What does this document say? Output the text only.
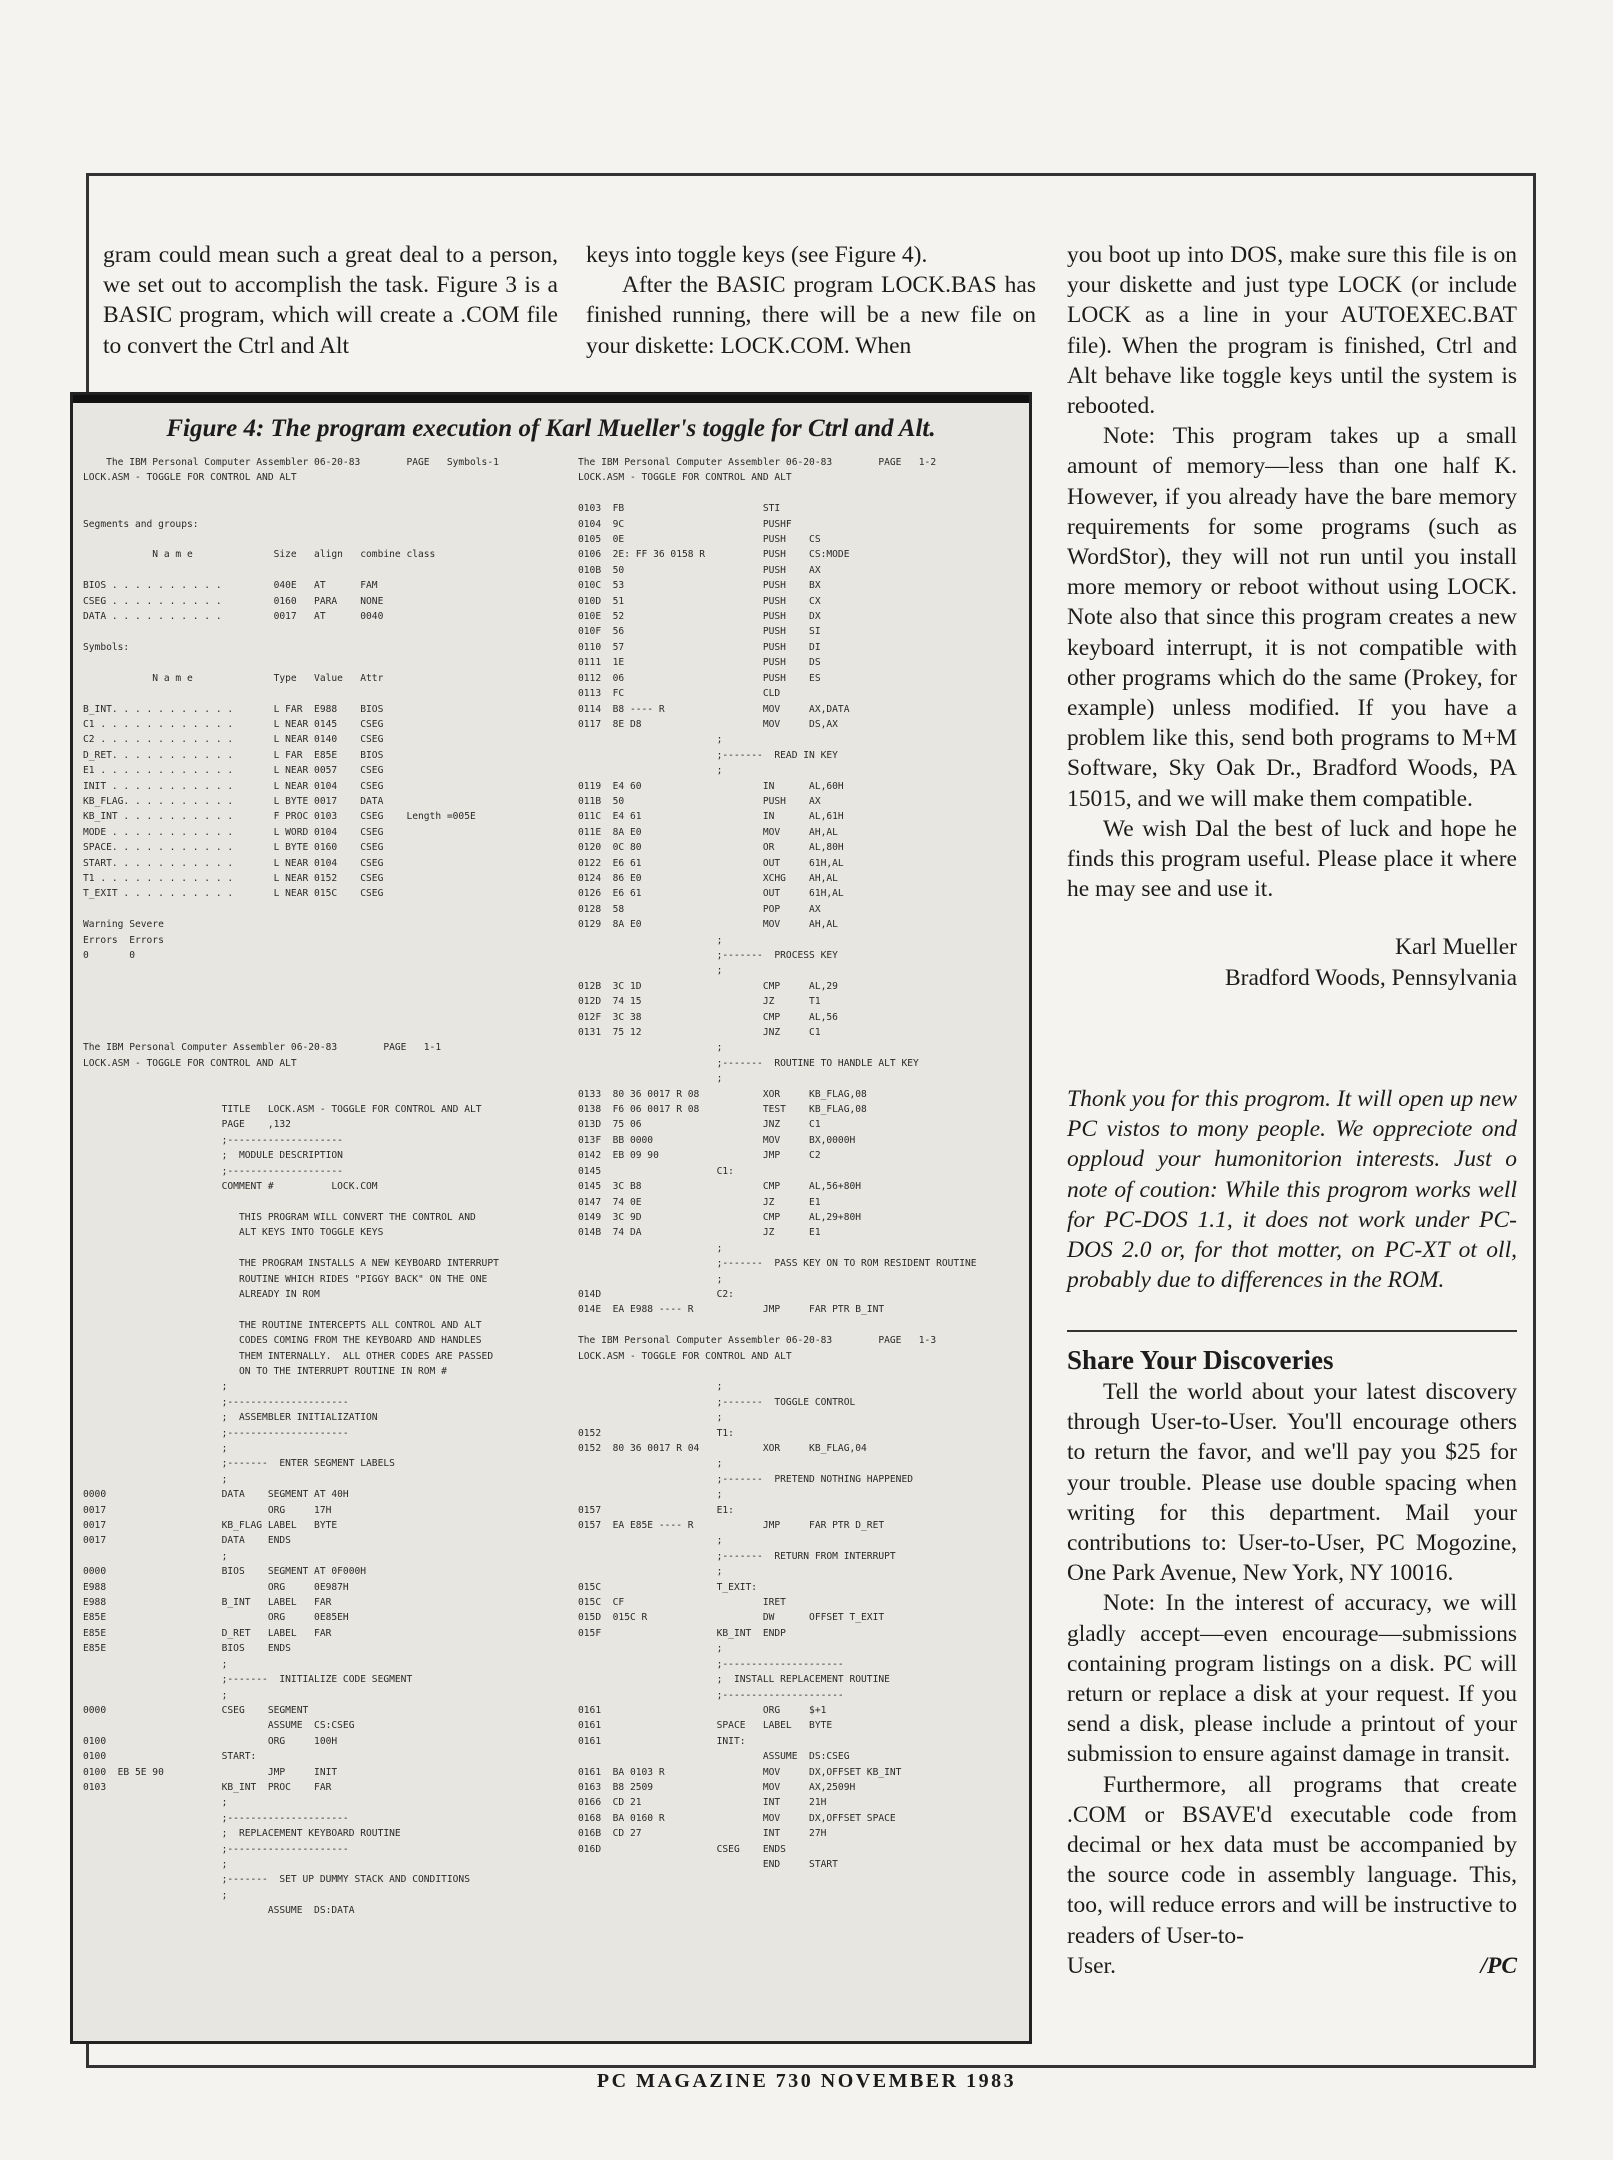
gram could mean such a great deal to a person, we set out to accomplish the task. Figure 3 is a BASIC program, which will create a .COM file to convert the Ctrl and Alt

keys into toggle keys (see Figure 4).

After the BASIC program LOCK.BAS has finished running, there will be a new file on your diskette: LOCK.COM. When

you boot up into DOS, make sure this file is on your diskette and just type LOCK (or include LOCK as a line in your AUTOEXEC.BAT file). When the program is finished, Ctrl and Alt behave like toggle keys until the system is rebooted.

Note: This program takes up a small amount of memory—less than one half K. However, if you already have the bare memory requirements for some programs (such as WordStor), they will not run until you install more memory or reboot without using LOCK. Note also that since this program creates a new keyboard interrupt, it is not compatible with other programs which do the same (Prokey, for example) unless modified. If you have a problem like this, send both programs to M+M Software, Sky Oak Dr., Bradford Woods, PA 15015, and we will make them compatible.

We wish Dal the best of luck and hope he finds this program useful. Please place it where he may see and use it.

Karl Mueller

Bradford Woods, Pennsylvania

Thonk you for this progrom. It will open up new PC vistos to mony people. We oppreciote ond opploud your humonitorion interests. Just o note of coution: While this progrom works well for PC-DOS 1.1, it does not work under PC-DOS 2.0 or, for thot motter, on PC-XT ot oll, probably due to differences in the ROM.

Share Your Discoveries

Tell the world about your latest discovery through User-to-User. You'll encourage others to return the favor, and we'll pay you $25 for your trouble. Please use double spacing when writing for this department. Mail your contributions to: User-to-User, PC Mogozine, One Park Avenue, New York, NY 10016.

Note: In the interest of accuracy, we will gladly accept—even encourage—submissions containing program listings on a disk. PC will return or replace a disk at your request. If you send a disk, please include a printout of your submission to ensure against damage in transit.

Furthermore, all programs that create .COM or BSAVE'd executable code from decimal or hex data must be accompanied by the source code in assembly language. This, too, will reduce errors and will be instructive to readers of User-to-

User.	/PC

Figure 4: The program execution of Karl Mueller's toggle for Ctrl and Alt.
The IBM Personal Computer Assembler 06-20-83        PAGE   Symbols-1
LOCK.ASM - TOGGLE FOR CONTROL AND ALT

Segments and groups:

N a m e              Size   align   combine class

BIOS . . . . . . . . . .         040E   AT      FAM
CSEG . . . . . . . . . .         0160   PARA    NONE
DATA . . . . . . . . . .         0017   AT      0040

Symbols:

N a m e              Type   Value   Attr

B_INT. . . . . . . . . . .       L FAR  E988    BIOS
C1 . . . . . . . . . . . .       L NEAR 0145    CSEG
C2 . . . . . . . . . . . .       L NEAR 0140    CSEG
D_RET. . . . . . . . . . .       L FAR  E85E    BIOS
E1 . . . . . . . . . . . .       L NEAR 0057    CSEG
INIT . . . . . . . . . . .       L NEAR 0104    CSEG
KB_FLAG. . . . . . . . . .       L BYTE 0017    DATA
KB_INT . . . . . . . . . .       F PROC 0103    CSEG    Length =005E
MODE . . . . . . . . . . .       L WORD 0104    CSEG
SPACE. . . . . . . . . . .       L BYTE 0160    CSEG
START. . . . . . . . . . .       L NEAR 0104    CSEG
T1 . . . . . . . . . . . .       L NEAR 0152    CSEG
T_EXIT . . . . . . . . . .       L NEAR 015C    CSEG

Warning Severe
Errors  Errors
0       0

The IBM Personal Computer Assembler 06-20-83        PAGE   1-1
LOCK.ASM - TOGGLE FOR CONTROL AND ALT

TITLE   LOCK.ASM - TOGGLE FOR CONTROL AND ALT
PAGE    ,132
;--------------------
;  MODULE DESCRIPTION
;--------------------
COMMENT #          LOCK.COM

THIS PROGRAM WILL CONVERT THE CONTROL AND
ALT KEYS INTO TOGGLE KEYS

THE PROGRAM INSTALLS A NEW KEYBOARD INTERRUPT
ROUTINE WHICH RIDES "PIGGY BACK" ON THE ONE
ALREADY IN ROM

THE ROUTINE INTERCEPTS ALL CONTROL AND ALT
CODES COMING FROM THE KEYBOARD AND HANDLES
THEM INTERNALLY.  ALL OTHER CODES ARE PASSED
ON TO THE INTERRUPT ROUTINE IN ROM #
;
;---------------------
;  ASSEMBLER INITIALIZATION
;---------------------
;
;-------  ENTER SEGMENT LABELS
;
0000                    DATA    SEGMENT AT 40H
0017                            ORG     17H
0017                    KB_FLAG LABEL   BYTE
0017                    DATA    ENDS
;
0000                    BIOS    SEGMENT AT 0F000H
E988                            ORG     0E987H
E988                    B_INT   LABEL   FAR
E85E                            ORG     0E85EH
E85E                    D_RET   LABEL   FAR
E85E                    BIOS    ENDS
;
;-------  INITIALIZE CODE SEGMENT
;
0000                    CSEG    SEGMENT
ASSUME  CS:CSEG
0100                            ORG     100H
0100                    START:
0100  EB 5E 90                  JMP     INIT
0103                    KB_INT  PROC    FAR
;
;---------------------
;  REPLACEMENT KEYBOARD ROUTINE
;---------------------
;
;-------  SET UP DUMMY STACK AND CONDITIONS
;
ASSUME  DS:DATA
The IBM Personal Computer Assembler 06-20-83        PAGE   1-2
LOCK.ASM - TOGGLE FOR CONTROL AND ALT

0103  FB                        STI
0104  9C                        PUSHF
0105  0E                        PUSH    CS
0106  2E: FF 36 0158 R          PUSH    CS:MODE
010B  50                        PUSH    AX
010C  53                        PUSH    BX
010D  51                        PUSH    CX
010E  52                        PUSH    DX
010F  56                        PUSH    SI
0110  57                        PUSH    DI
0111  1E                        PUSH    DS
0112  06                        PUSH    ES
0113  FC                        CLD
0114  B8 ---- R                 MOV     AX,DATA
0117  8E D8                     MOV     DS,AX
;
;-------  READ IN KEY
;
0119  E4 60                     IN      AL,60H
011B  50                        PUSH    AX
011C  E4 61                     IN      AL,61H
011E  8A E0                     MOV     AH,AL
0120  0C 80                     OR      AL,80H
0122  E6 61                     OUT     61H,AL
0124  86 E0                     XCHG    AH,AL
0126  E6 61                     OUT     61H,AL
0128  58                        POP     AX
0129  8A E0                     MOV     AH,AL
;
;-------  PROCESS KEY
;
012B  3C 1D                     CMP     AL,29
012D  74 15                     JZ      T1
012F  3C 38                     CMP     AL,56
0131  75 12                     JNZ     C1
;
;-------  ROUTINE TO HANDLE ALT KEY
;
0133  80 36 0017 R 08           XOR     KB_FLAG,08
0138  F6 06 0017 R 08           TEST    KB_FLAG,08
013D  75 06                     JNZ     C1
013F  BB 0000                   MOV     BX,0000H
0142  EB 09 90                  JMP     C2
0145                    C1:
0145  3C B8                     CMP     AL,56+80H
0147  74 0E                     JZ      E1
0149  3C 9D                     CMP     AL,29+80H
014B  74 DA                     JZ      E1
;
;-------  PASS KEY ON TO ROM RESIDENT ROUTINE
;
014D                    C2:
014E  EA E988 ---- R            JMP     FAR PTR B_INT

The IBM Personal Computer Assembler 06-20-83        PAGE   1-3
LOCK.ASM - TOGGLE FOR CONTROL AND ALT

;
;-------  TOGGLE CONTROL
;
0152                    T1:
0152  80 36 0017 R 04           XOR     KB_FLAG,04
;
;-------  PRETEND NOTHING HAPPENED
;
0157                    E1:
0157  EA E85E ---- R            JMP     FAR PTR D_RET
;
;-------  RETURN FROM INTERRUPT
;
015C                    T_EXIT:
015C  CF                        IRET
015D  015C R                    DW      OFFSET T_EXIT
015F                    KB_INT  ENDP
;
;---------------------
;  INSTALL REPLACEMENT ROUTINE
;---------------------
0161                            ORG     $+1
0161                    SPACE   LABEL   BYTE
0161                    INIT:
ASSUME  DS:CSEG
0161  BA 0103 R                 MOV     DX,OFFSET KB_INT
0163  B8 2509                   MOV     AX,2509H
0166  CD 21                     INT     21H
0168  BA 0160 R                 MOV     DX,OFFSET SPACE
016B  CD 27                     INT     27H
016D                    CSEG    ENDS
END     START
PC MAGAZINE 730 NOVEMBER 1983
